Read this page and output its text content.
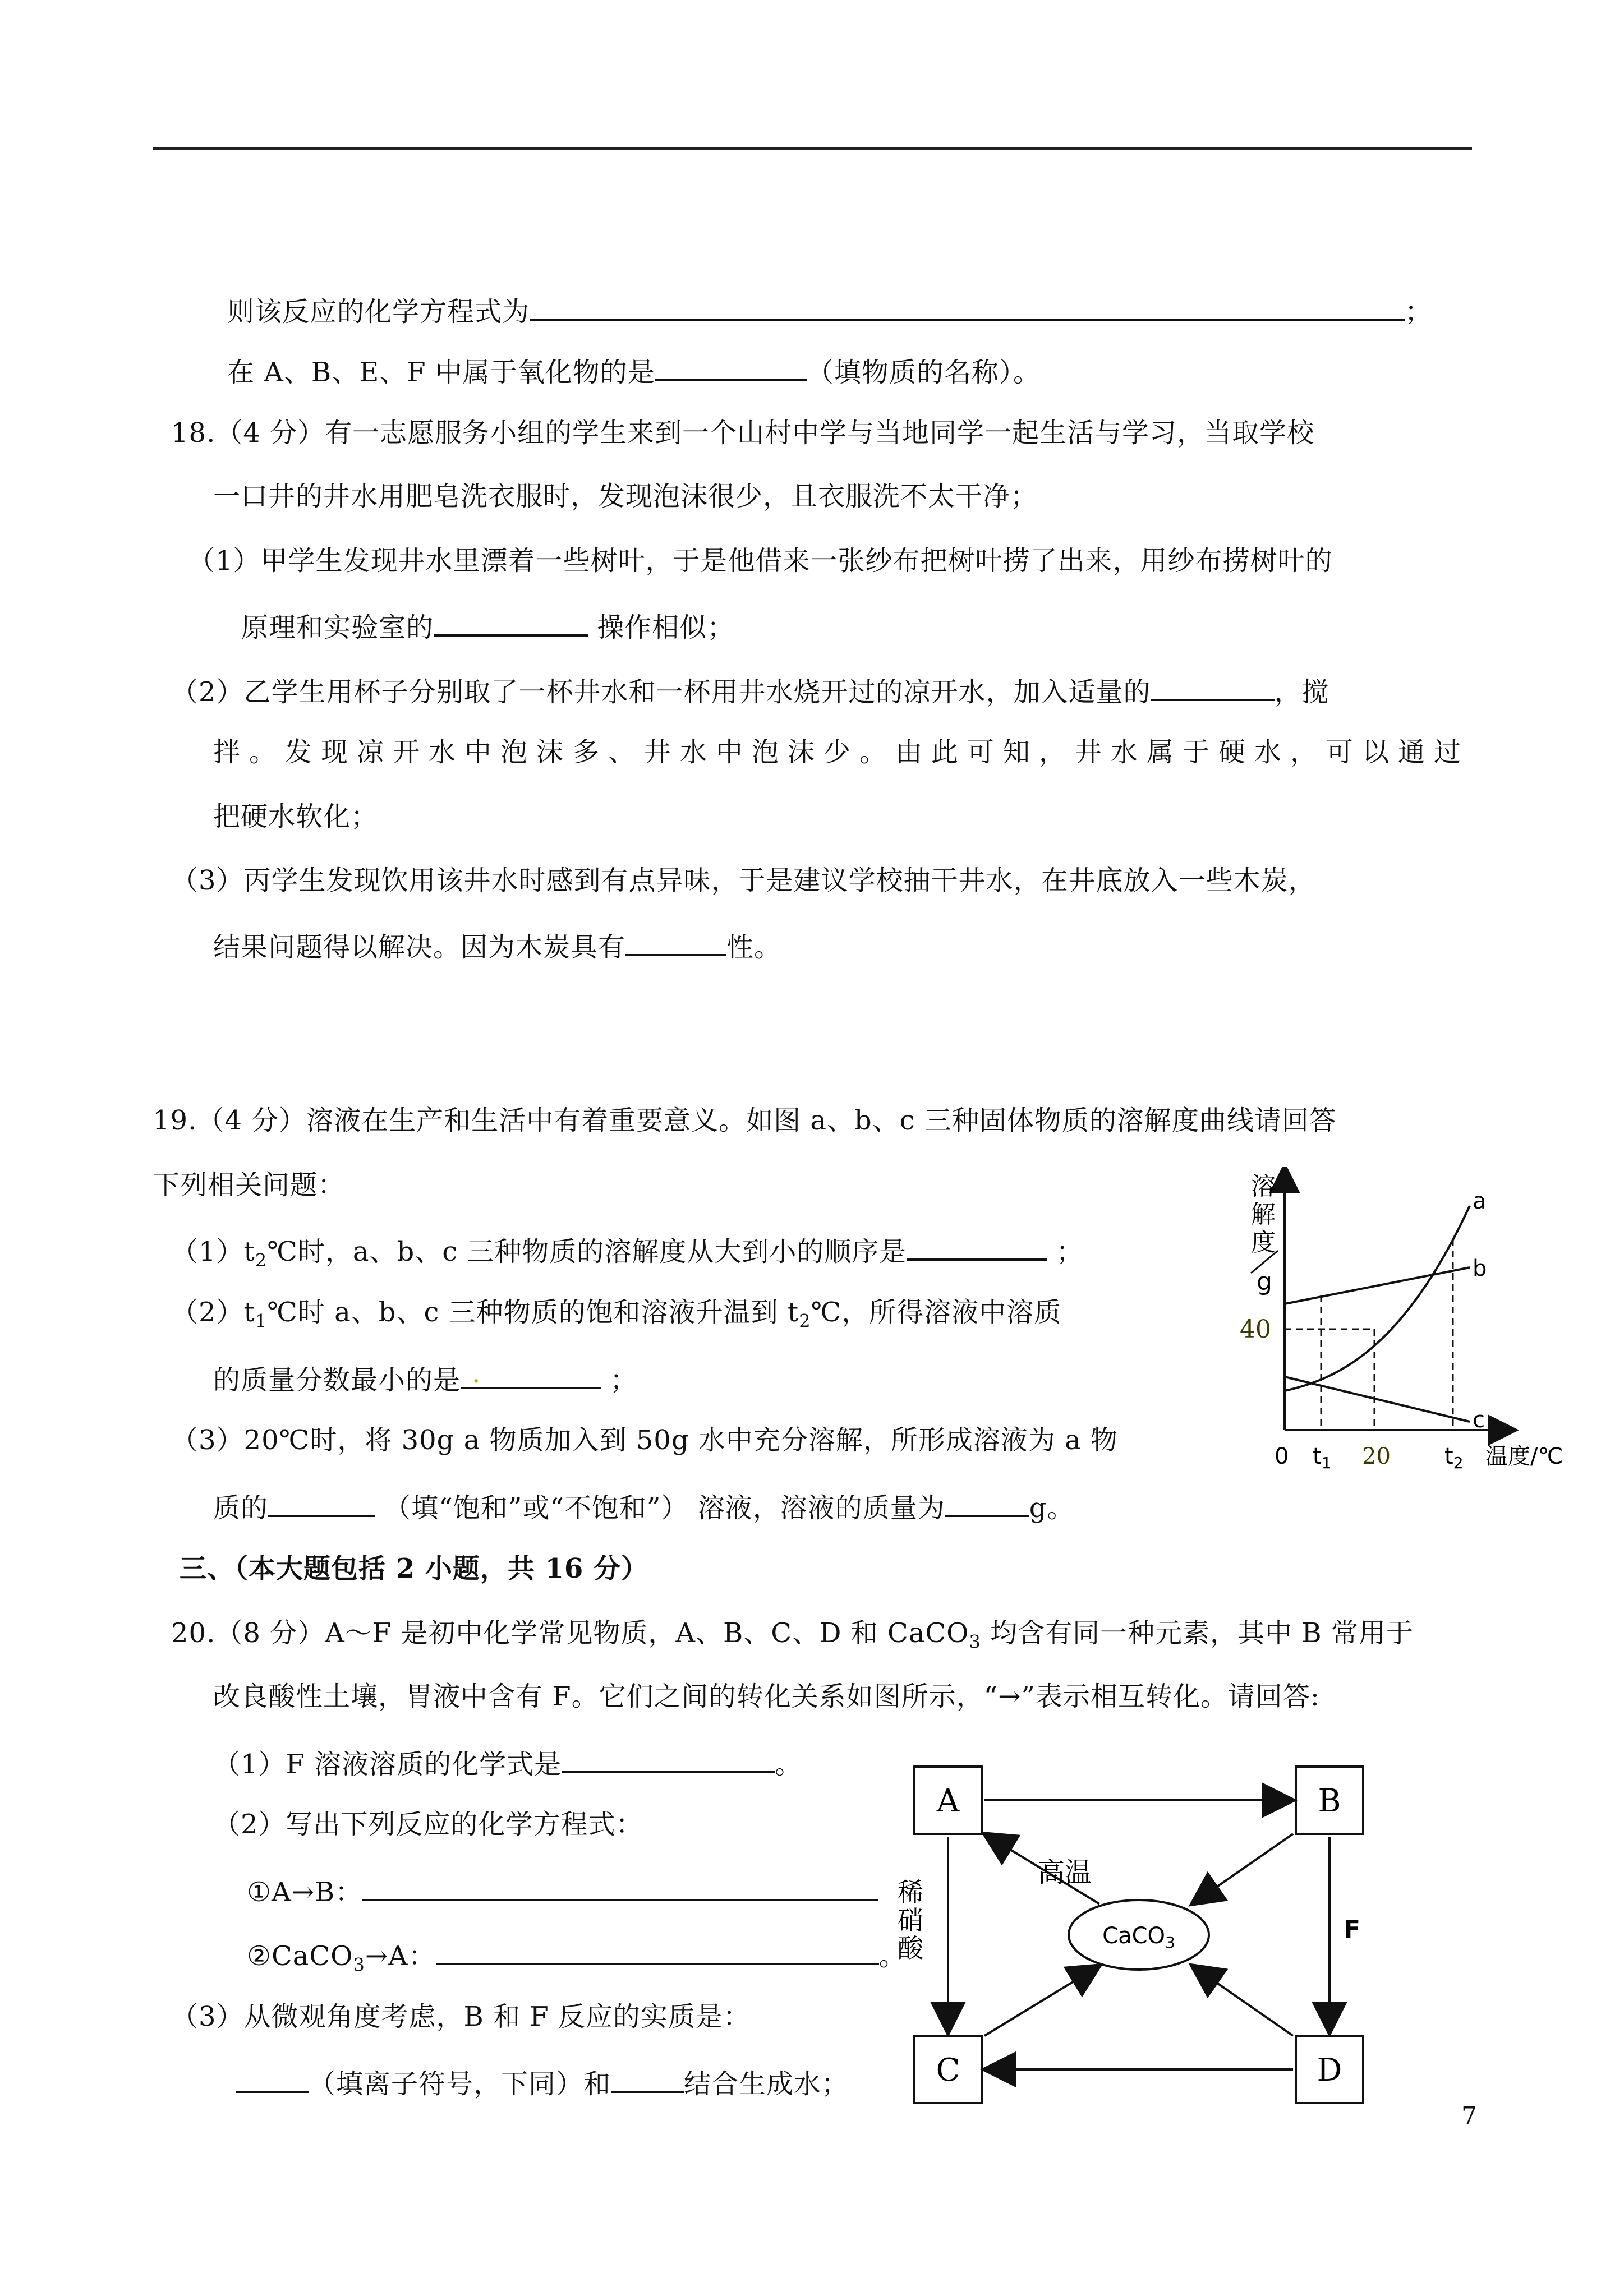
则该反应的化学方程式为	；
在 A、B、E、F 中属于氧化物的是	（填物质的名称）。
18.（4 分）有一志愿服务小组的学生来到一个山村中学与当地同学一起生活与学习，当取学校
一口井的井水用肥皂洗衣服时，发现泡沫很少，且衣服洗不太干净；
（1）甲学生发现井水里漂着一些树叶，于是他借来一张纱布把树叶捞了出来，用纱布捞树叶的
原理和实验室的	操作相似；
（2）乙学生用杯子分别取了一杯井水和一杯用井水烧开过的凉开水，加入适量的	，搅
拌。发现凉开水中泡沫多、井水中泡沫少。由此可知，井水属于硬水，可以通过
把硬水软化；
（3）丙学生发现饮用该井水时感到有点异味，于是建议学校抽干井水，在井底放入一些木炭，
结果问题得以解决。因为木炭具有	性。
19.（4 分）溶液在生产和生活中有着重要意义。如图 a、b、c 三种固体物质的溶解度曲线请回答
下列相关问题：
$(1)t_2℃$时，a、b、c 三种物质的溶解度从大到小的顺序是	；
$(2)t_1℃$时 a、b、c 三种物质的饱和溶液升温到 $t_2℃$，所得溶液中溶质
的质量分数最小的是 .	；
（3）20℃时，将 30g a 物质加入到 50g 水中充分溶解，所形成溶液为 a 物
质的	（填“饱和”或“不饱和”） 溶液，溶液的质量为	g。
溶
解
度
g
40
a
b
c
0 $t_1$ 20 $t_2$ 温度/℃
三、（本大题包括 2 小题，共 16 分）
20.（8 分）A～F 是初中化学常见物质，A、B、C、D 和 CaCO$_3$ 均含有同一种元素，其中 B 常用于
改良酸性土壤，胃液中含有 F。它们之间的转化关系如图所示，“→”表示相互转化。请回答:
（1）F 溶液溶质的化学式是	。
（2）写出下列反应的化学方程式：
①A→B：
②CaCO$_3$→A：	。
（3）从微观角度考虑，B 和 F 反应的实质是：
（填离子符号，下同）和	结合生成水；
A	B
C	D
CaCO$_3$
高温
稀
硝
酸
F
7
